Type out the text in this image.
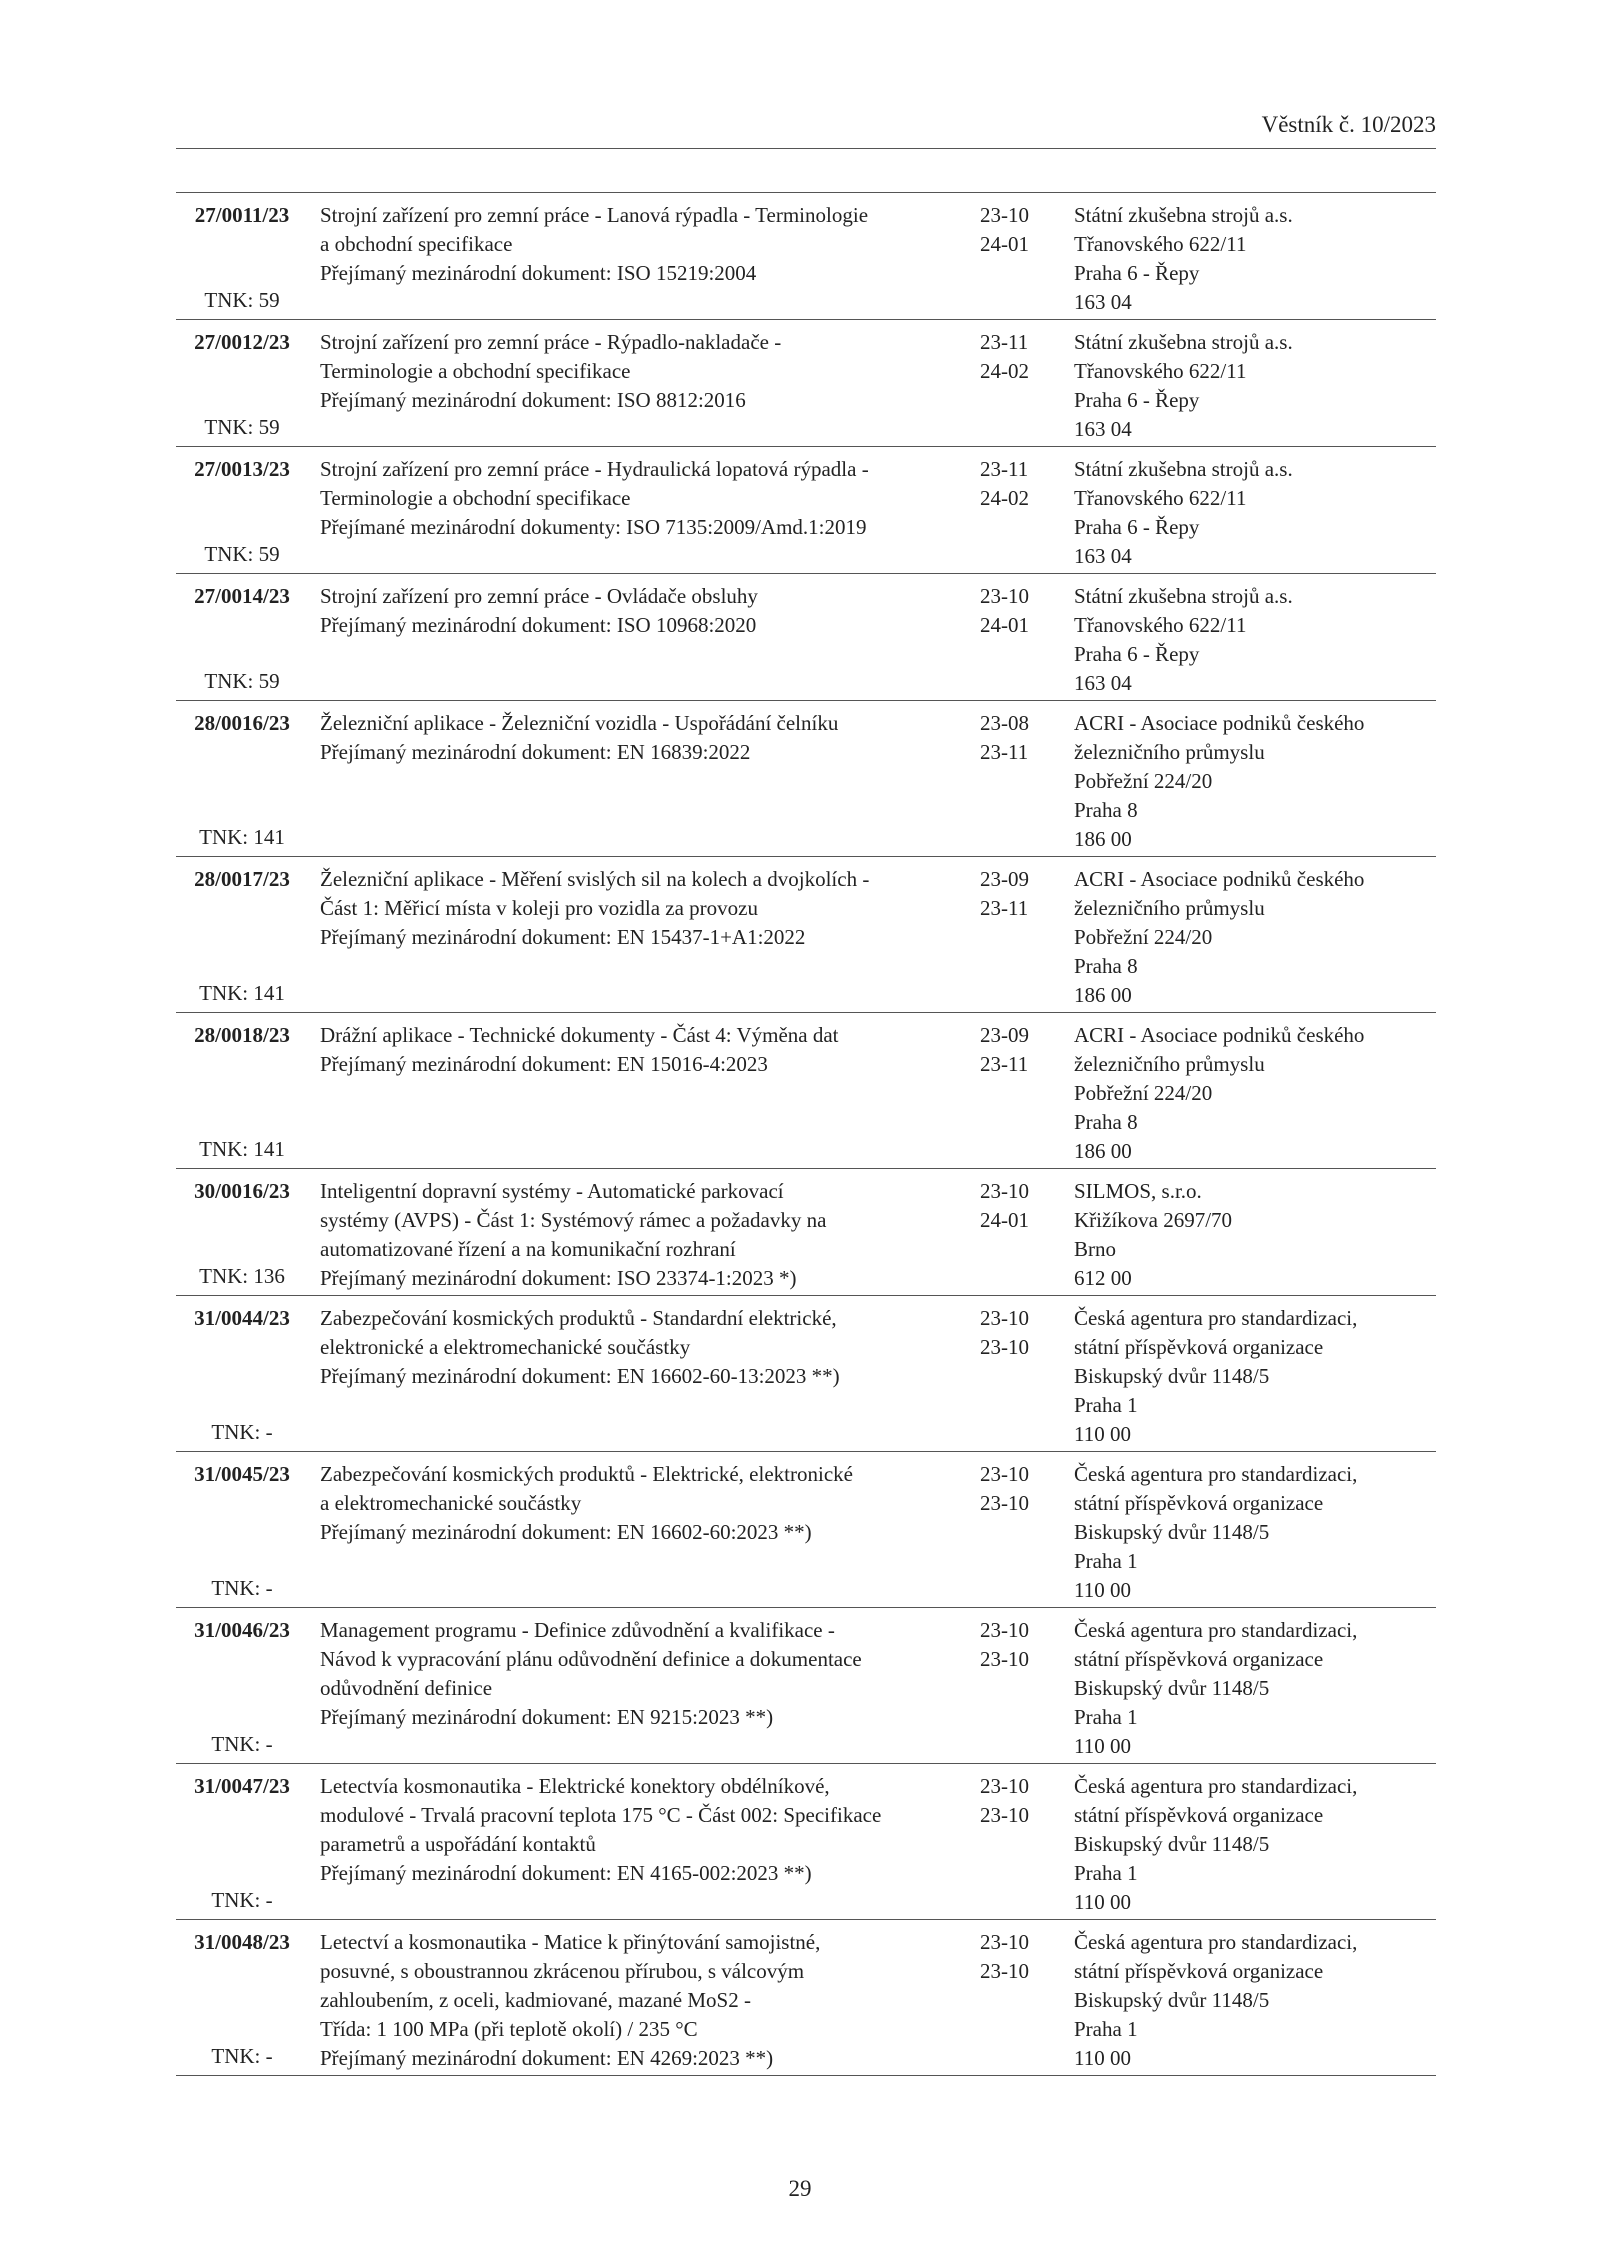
Věstník č. 10/2023
27/0011/23
TNK: 59
Strojní zařízení pro zemní práce - Lanová rýpadla - Terminologie
a obchodní specifikace
Přejímaný mezinárodní dokument: ISO 15219:2004
23-10
24-01
Státní zkušebna strojů a.s.
Třanovského 622/11
Praha 6 - Řepy
163 04
27/0012/23
TNK: 59
Strojní zařízení pro zemní práce - Rýpadlo-nakladače -
Terminologie a obchodní specifikace
Přejímaný mezinárodní dokument: ISO 8812:2016
23-11
24-02
Státní zkušebna strojů a.s.
Třanovského 622/11
Praha 6 - Řepy
163 04
27/0013/23
TNK: 59
Strojní zařízení pro zemní práce - Hydraulická lopatová rýpadla -
Terminologie a obchodní specifikace
Přejímané mezinárodní dokumenty: ISO 7135:2009/Amd.1:2019
23-11
24-02
Státní zkušebna strojů a.s.
Třanovského 622/11
Praha 6 - Řepy
163 04
27/0014/23
TNK: 59
Strojní zařízení pro zemní práce - Ovládače obsluhy
Přejímaný mezinárodní dokument: ISO 10968:2020
23-10
24-01
Státní zkušebna strojů a.s.
Třanovského 622/11
Praha 6 - Řepy
163 04
28/0016/23
TNK: 141
Železniční aplikace - Železniční vozidla - Uspořádání čelníku
Přejímaný mezinárodní dokument: EN 16839:2022
23-08
23-11
ACRI - Asociace podniků českého
železničního průmyslu
Pobřežní 224/20
Praha 8
186 00
28/0017/23
TNK: 141
Železniční aplikace - Měření svislých sil na kolech a dvojkolích -
Část 1: Měřicí místa v koleji pro vozidla za provozu
Přejímaný mezinárodní dokument: EN 15437-1+A1:2022
23-09
23-11
ACRI - Asociace podniků českého
železničního průmyslu
Pobřežní 224/20
Praha 8
186 00
28/0018/23
TNK: 141
Drážní aplikace - Technické dokumenty - Část 4: Výměna dat
Přejímaný mezinárodní dokument: EN 15016-4:2023
23-09
23-11
ACRI - Asociace podniků českého
železničního průmyslu
Pobřežní 224/20
Praha 8
186 00
30/0016/23
TNK: 136
Inteligentní dopravní systémy - Automatické parkovací
systémy (AVPS) - Část 1: Systémový rámec a požadavky na
automatizované řízení a na komunikační rozhraní
Přejímaný mezinárodní dokument: ISO 23374-1:2023 *)
23-10
24-01
SILMOS, s.r.o.
Křižíkova 2697/70
Brno
612 00
31/0044/23
TNK: -
Zabezpečování kosmických produktů - Standardní elektrické,
elektronické a elektromechanické součástky
Přejímaný mezinárodní dokument: EN 16602-60-13:2023 **)
23-10
23-10
Česká agentura pro standardizaci,
státní příspěvková organizace
Biskupský dvůr 1148/5
Praha 1
110 00
31/0045/23
TNK: -
Zabezpečování kosmických produktů - Elektrické, elektronické
a elektromechanické součástky
Přejímaný mezinárodní dokument: EN 16602-60:2023 **)
23-10
23-10
Česká agentura pro standardizaci,
státní příspěvková organizace
Biskupský dvůr 1148/5
Praha 1
110 00
31/0046/23
TNK: -
Management programu - Definice zdůvodnění a kvalifikace -
Návod k vypracování plánu odůvodnění definice a dokumentace
odůvodnění definice
Přejímaný mezinárodní dokument: EN 9215:2023 **)
23-10
23-10
Česká agentura pro standardizaci,
státní příspěvková organizace
Biskupský dvůr 1148/5
Praha 1
110 00
31/0047/23
TNK: -
Letectvía kosmonautika - Elektrické konektory obdélníkové,
modulové - Trvalá pracovní teplota 175 °C - Část 002: Specifikace
parametrů a uspořádání kontaktů
Přejímaný mezinárodní dokument: EN 4165-002:2023 **)
23-10
23-10
Česká agentura pro standardizaci,
státní příspěvková organizace
Biskupský dvůr 1148/5
Praha 1
110 00
31/0048/23
TNK: -
Letectví a kosmonautika - Matice k přinýtování samojistné,
posuvné, s oboustrannou zkrácenou přírubou, s válcovým
zahloubením, z oceli, kadmiované, mazané MoS2 -
Třída: 1 100 MPa (při teplotě okolí) / 235 °C
Přejímaný mezinárodní dokument: EN 4269:2023 **)
23-10
23-10
Česká agentura pro standardizaci,
státní příspěvková organizace
Biskupský dvůr 1148/5
Praha 1
110 00
29
